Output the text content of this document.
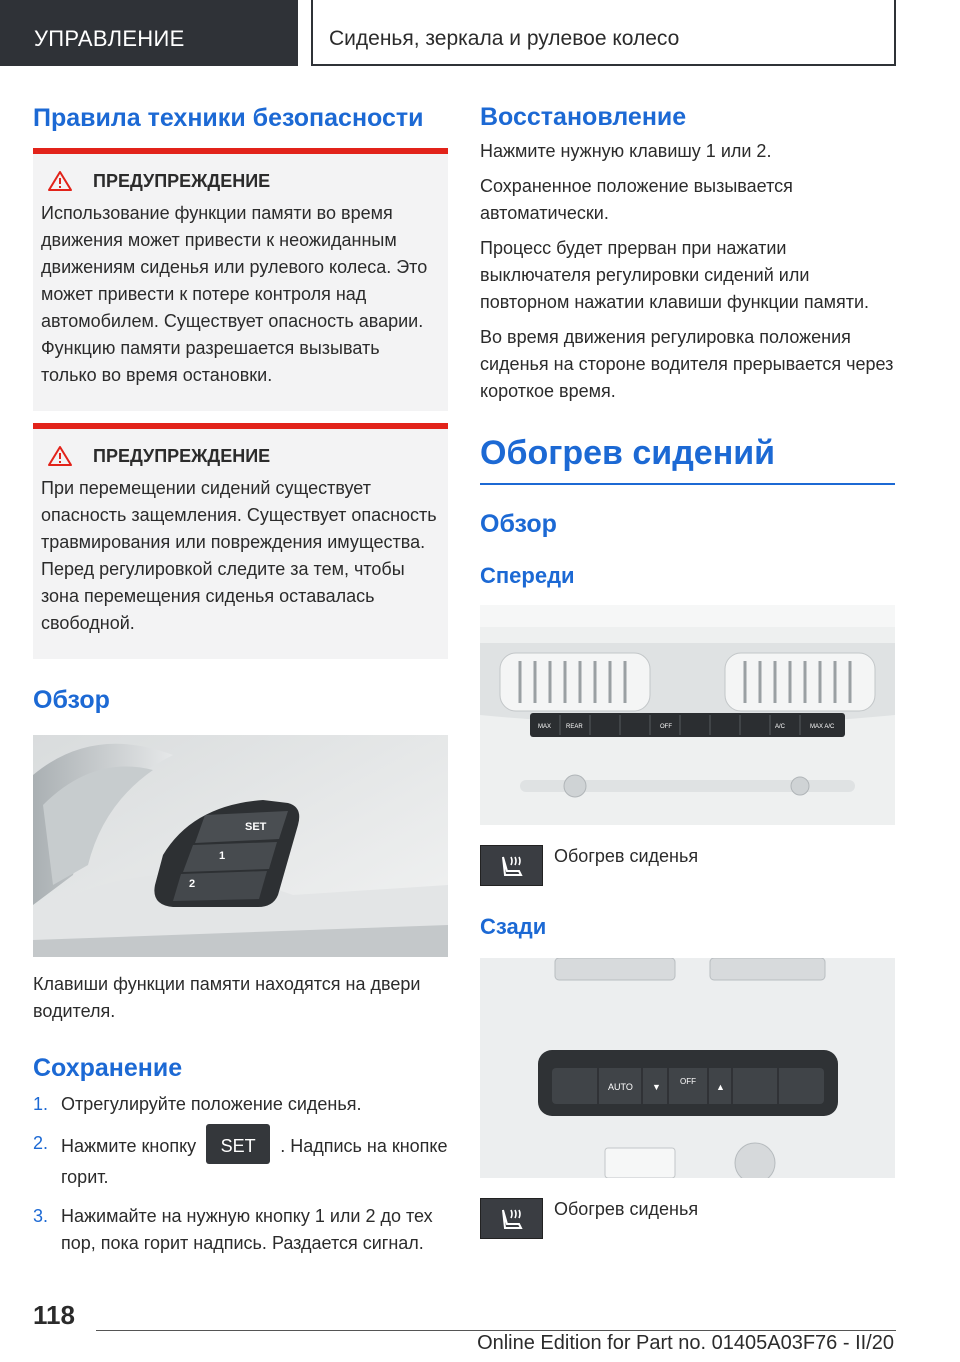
УПРАВЛЕНИЕ	Сиденья, зеркала и рулевое колесо
Правила техники безопасности
ПРЕДУПРЕЖДЕНИЕ

Использование функции памяти во время движения может привести к неожиданным движениям сиденья или рулевого колеса. Это может привести к потере контроля над автомобилем. Существует опасность аварии. Функцию памяти разрешается вызывать только во время остановки.

ПРЕДУПРЕЖДЕНИЕ

При перемещении сидений существует опасность защемления. Существует опасность травмирования или повреждения имущества. Перед регулировкой следите за тем, чтобы зона перемещения сиденья оставалась свободной.

Обзор
SET
1
2

Клавиши функции памяти находятся на двери водителя.

Сохранение
1. Отрегулируйте положение сиденья.
2. Нажмите кнопку	SET	. Надпись на кнопке горит.
3. Нажимайте на нужную кнопку 1 или 2 до тех пор, пока горит надпись. Раздается сигнал.
Восстановление

Нажмите нужную клавишу 1 или 2.

Сохраненное положение вызывается автоматически.

Процесс будет прерван при нажатии выключателя регулировки сидений или повторном нажатии клавиши функции памяти.

Во время движения регулировка положения сиденья на стороне водителя прерывается через короткое время.

Обогрев сидений
Обзор
Спереди
MAX REAR	OFF	A/C	MAX A/C

Обогрев сиденья

Сзади
AUTO
OFF
▼	▲

Обогрев сиденья

118
Online Edition for Part no. 01405A03F76 - II/20
